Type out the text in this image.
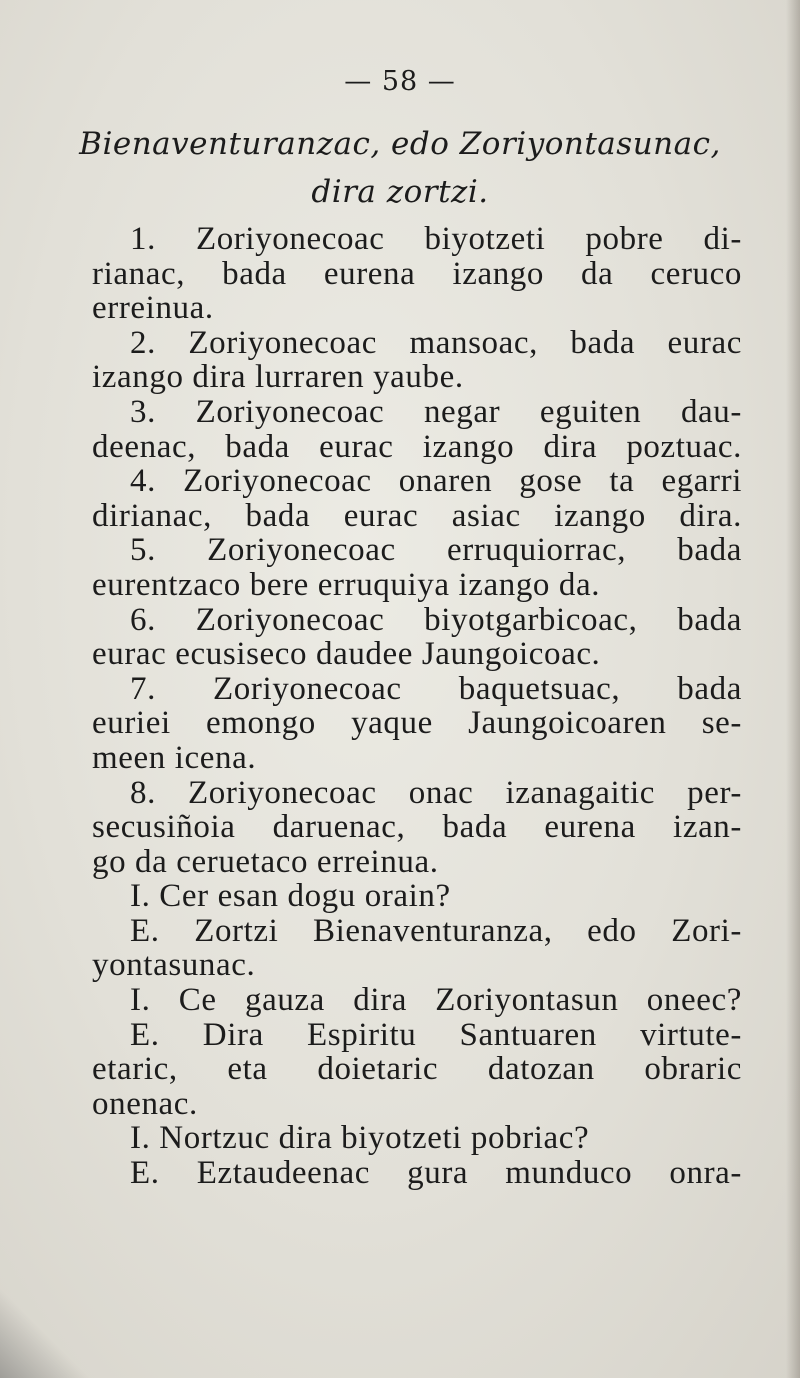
— 58 —
Bienaventuranzac, edo Zoriyontasunac,
dira zortzi.
1. Zoriyonecoac biyotzeti pobre di-
rianac, bada eurena izango da ceruco
erreinua.
2. Zoriyonecoac mansoac, bada eurac
izango dira lurraren yaube.
3. Zoriyonecoac negar eguiten dau-
deenac, bada eurac izango dira poztuac.
4. Zoriyonecoac onaren gose ta egarri
dirianac, bada eurac asiac izango dira.
5. Zoriyonecoac erruquiorrac, bada
eurentzaco bere erruquiya izango da.
6. Zoriyonecoac biyotgarbicoac, bada
eurac ecusiseco daudee Jaungoicoac.
7. Zoriyonecoac baquetsuac, bada
euriei emongo yaque Jaungoicoaren se-
meen icena.
8. Zoriyonecoac onac izanagaitic per-
secusiñoia daruenac, bada eurena izan-
go da ceruetaco erreinua.
I. Cer esan dogu orain?
E. Zortzi Bienaventuranza, edo Zori-
yontasunac.
I. Ce gauza dira Zoriyontasun oneec?
E. Dira Espiritu Santuaren virtute-
etaric, eta doietaric datozan obraric
onenac.
I. Nortzuc dira biyotzeti pobriac?
E. Eztaudeenac gura munduco onra-
